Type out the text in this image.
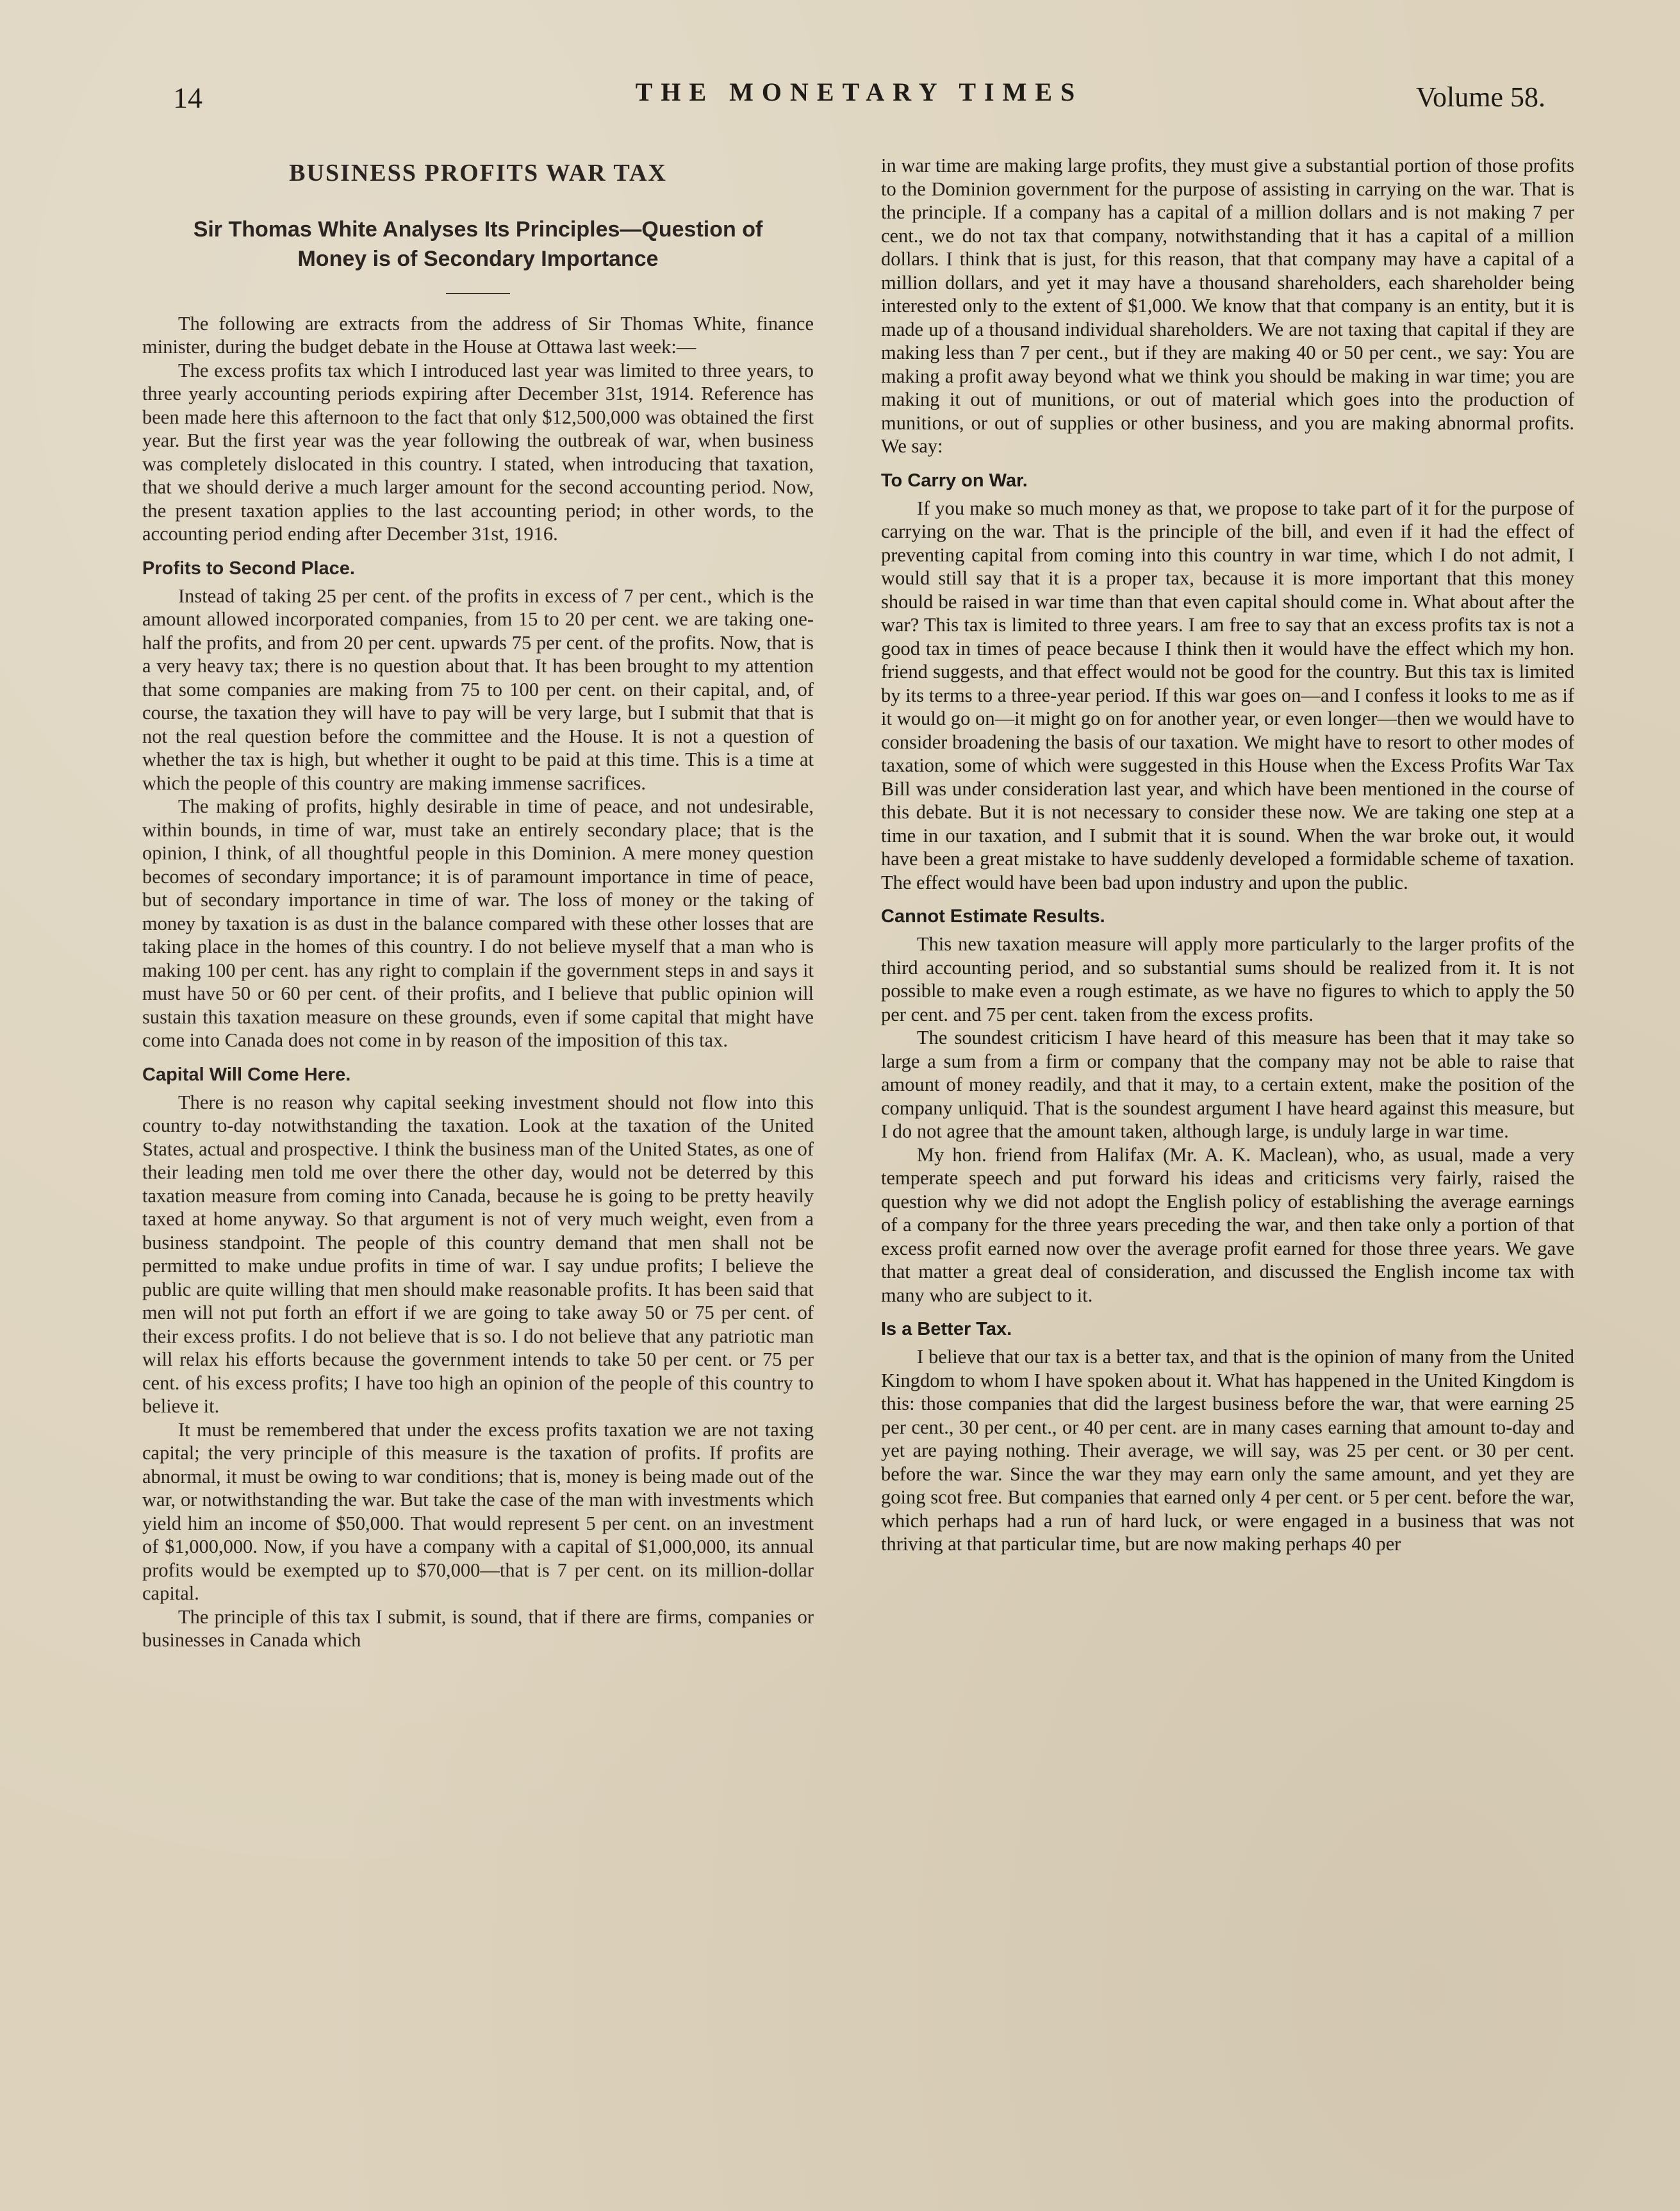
14	THE MONETARY TIMES	Volume 58.
BUSINESS PROFITS WAR TAX
Sir Thomas White Analyses Its Principles—Question of Money is of Secondary Importance

The following are extracts from the address of Sir Thomas White, finance minister, during the budget debate in the House at Ottawa last week:—

The excess profits tax which I introduced last year was limited to three years, to three yearly accounting periods expiring after December 31st, 1914. Reference has been made here this afternoon to the fact that only $12,500,000 was obtained the first year. But the first year was the year following the outbreak of war, when business was completely dislocated in this country. I stated, when introducing that taxation, that we should derive a much larger amount for the second accounting period. Now, the present taxation applies to the last accounting period; in other words, to the accounting period ending after December 31st, 1916.

Profits to Second Place.

Instead of taking 25 per cent. of the profits in excess of 7 per cent., which is the amount allowed incorporated companies, from 15 to 20 per cent. we are taking one-half the profits, and from 20 per cent. upwards 75 per cent. of the profits. Now, that is a very heavy tax; there is no question about that. It has been brought to my attention that some companies are making from 75 to 100 per cent. on their capital, and, of course, the taxation they will have to pay will be very large, but I submit that that is not the real question before the committee and the House. It is not a question of whether the tax is high, but whether it ought to be paid at this time. This is a time at which the people of this country are making immense sacrifices.

The making of profits, highly desirable in time of peace, and not undesirable, within bounds, in time of war, must take an entirely secondary place; that is the opinion, I think, of all thoughtful people in this Dominion. A mere money question becomes of secondary importance; it is of paramount importance in time of peace, but of secondary importance in time of war. The loss of money or the taking of money by taxation is as dust in the balance compared with these other losses that are taking place in the homes of this country. I do not believe myself that a man who is making 100 per cent. has any right to complain if the government steps in and says it must have 50 or 60 per cent. of their profits, and I believe that public opinion will sustain this taxation measure on these grounds, even if some capital that might have come into Canada does not come in by reason of the imposition of this tax.

Capital Will Come Here.

There is no reason why capital seeking investment should not flow into this country to-day notwithstanding the taxation. Look at the taxation of the United States, actual and prospective. I think the business man of the United States, as one of their leading men told me over there the other day, would not be deterred by this taxation measure from coming into Canada, because he is going to be pretty heavily taxed at home anyway. So that argument is not of very much weight, even from a business standpoint. The people of this country demand that men shall not be permitted to make undue profits in time of war. I say undue profits; I believe the public are quite willing that men should make reasonable profits. It has been said that men will not put forth an effort if we are going to take away 50 or 75 per cent. of their excess profits. I do not believe that is so. I do not believe that any patriotic man will relax his efforts because the government intends to take 50 per cent. or 75 per cent. of his excess profits; I have too high an opinion of the people of this country to believe it.

It must be remembered that under the excess profits taxation we are not taxing capital; the very principle of this measure is the taxation of profits. If profits are abnormal, it must be owing to war conditions; that is, money is being made out of the war, or notwithstanding the war. But take the case of the man with investments which yield him an income of $50,000. That would represent 5 per cent. on an investment of $1,000,000. Now, if you have a company with a capital of $1,000,000, its annual profits would be exempted up to $70,000—that is 7 per cent. on its million-dollar capital.

The principle of this tax I submit, is sound, that if there are firms, companies or businesses in Canada which

in war time are making large profits, they must give a substantial portion of those profits to the Dominion government for the purpose of assisting in carrying on the war. That is the principle. If a company has a capital of a million dollars and is not making 7 per cent., we do not tax that company, notwithstanding that it has a capital of a million dollars. I think that is just, for this reason, that that company may have a capital of a million dollars, and yet it may have a thousand shareholders, each shareholder being interested only to the extent of $1,000. We know that that company is an entity, but it is made up of a thousand individual shareholders. We are not taxing that capital if they are making less than 7 per cent., but if they are making 40 or 50 per cent., we say: You are making a profit away beyond what we think you should be making in war time; you are making it out of munitions, or out of material which goes into the production of munitions, or out of supplies or other business, and you are making abnormal profits. We say:

To Carry on War.

If you make so much money as that, we propose to take part of it for the purpose of carrying on the war. That is the principle of the bill, and even if it had the effect of preventing capital from coming into this country in war time, which I do not admit, I would still say that it is a proper tax, because it is more important that this money should be raised in war time than that even capital should come in. What about after the war? This tax is limited to three years. I am free to say that an excess profits tax is not a good tax in times of peace because I think then it would have the effect which my hon. friend suggests, and that effect would not be good for the country. But this tax is limited by its terms to a three-year period. If this war goes on—and I confess it looks to me as if it would go on—it might go on for another year, or even longer—then we would have to consider broadening the basis of our taxation. We might have to resort to other modes of taxation, some of which were suggested in this House when the Excess Profits War Tax Bill was under consideration last year, and which have been mentioned in the course of this debate. But it is not necessary to consider these now. We are taking one step at a time in our taxation, and I submit that it is sound. When the war broke out, it would have been a great mistake to have suddenly developed a formidable scheme of taxation. The effect would have been bad upon industry and upon the public.

Cannot Estimate Results.

This new taxation measure will apply more particularly to the larger profits of the third accounting period, and so substantial sums should be realized from it. It is not possible to make even a rough estimate, as we have no figures to which to apply the 50 per cent. and 75 per cent. taken from the excess profits.

The soundest criticism I have heard of this measure has been that it may take so large a sum from a firm or company that the company may not be able to raise that amount of money readily, and that it may, to a certain extent, make the position of the company unliquid. That is the soundest argument I have heard against this measure, but I do not agree that the amount taken, although large, is unduly large in war time.

My hon. friend from Halifax (Mr. A. K. Maclean), who, as usual, made a very temperate speech and put forward his ideas and criticisms very fairly, raised the question why we did not adopt the English policy of establishing the average earnings of a company for the three years preceding the war, and then take only a portion of that excess profit earned now over the average profit earned for those three years. We gave that matter a great deal of consideration, and discussed the English income tax with many who are subject to it.

Is a Better Tax.

I believe that our tax is a better tax, and that is the opinion of many from the United Kingdom to whom I have spoken about it. What has happened in the United Kingdom is this: those companies that did the largest business before the war, that were earning 25 per cent., 30 per cent., or 40 per cent. are in many cases earning that amount to-day and yet are paying nothing. Their average, we will say, was 25 per cent. or 30 per cent. before the war. Since the war they may earn only the same amount, and yet they are going scot free. But companies that earned only 4 per cent. or 5 per cent. before the war, which perhaps had a run of hard luck, or were engaged in a business that was not thriving at that particular time, but are now making perhaps 40 per
